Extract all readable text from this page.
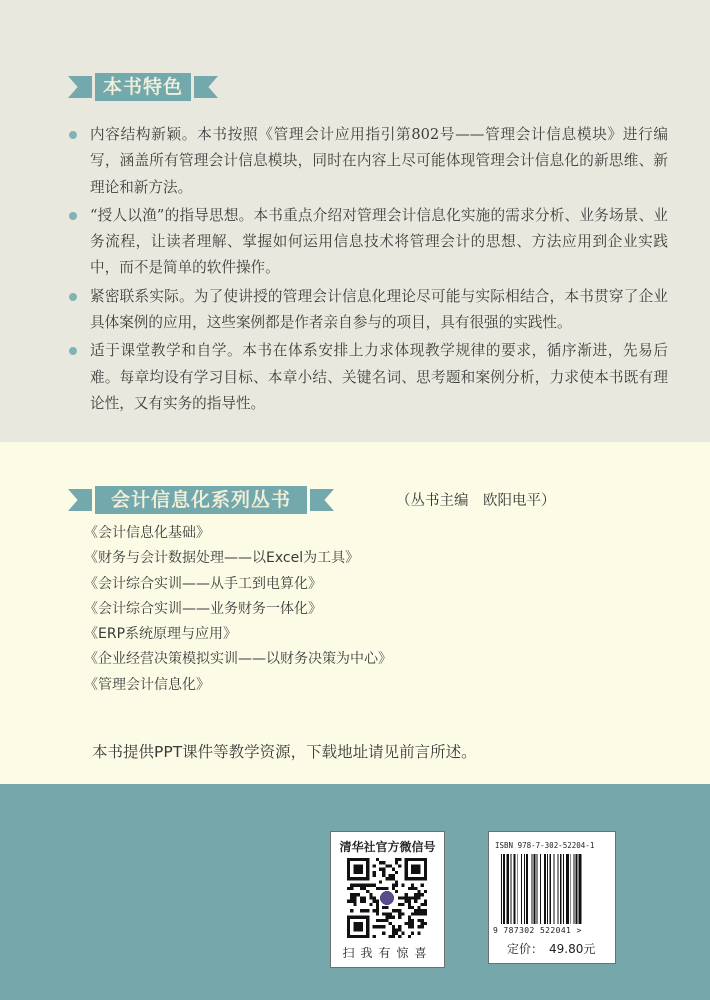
本书特色
内容结构新颖。本书按照《管理会计应用指引第802号——管理会计信息模块》进行编写，涵盖所有管理会计信息模块，同时在内容上尽可能体现管理会计信息化的新思维、新理论和新方法。
“授人以渔”的指导思想。本书重点介绍对管理会计信息化实施的需求分析、业务场景、业务流程，让读者理解、掌握如何运用信息技术将管理会计的思想、方法应用到企业实践中，而不是简单的软件操作。
紧密联系实际。为了使讲授的管理会计信息化理论尽可能与实际相结合，本书贯穿了企业具体案例的应用，这些案例都是作者亲自参与的项目，具有很强的实践性。
适于课堂教学和自学。本书在体系安排上力求体现教学规律的要求，循序渐进，先易后难。每章均设有学习目标、本章小结、关键名词、思考题和案例分析，力求使本书既有理论性，又有实务的指导性。
会计信息化系列丛书	（丛书主编　欧阳电平）
《会计信息化基础》
《财务与会计数据处理——以Excel为工具》
《会计综合实训——从手工到电算化》
《会计综合实训——业务财务一体化》
《ERP系统原理与应用》
《企业经营决策模拟实训——以财务决策为中心》
《管理会计信息化》
本书提供PPT课件等教学资源，下载地址请见前言所述。
清华社官方微信号
扫我有惊喜
ISBN 978-7-302-52204-1
9 787302 522041 >
定价：　49.80元
